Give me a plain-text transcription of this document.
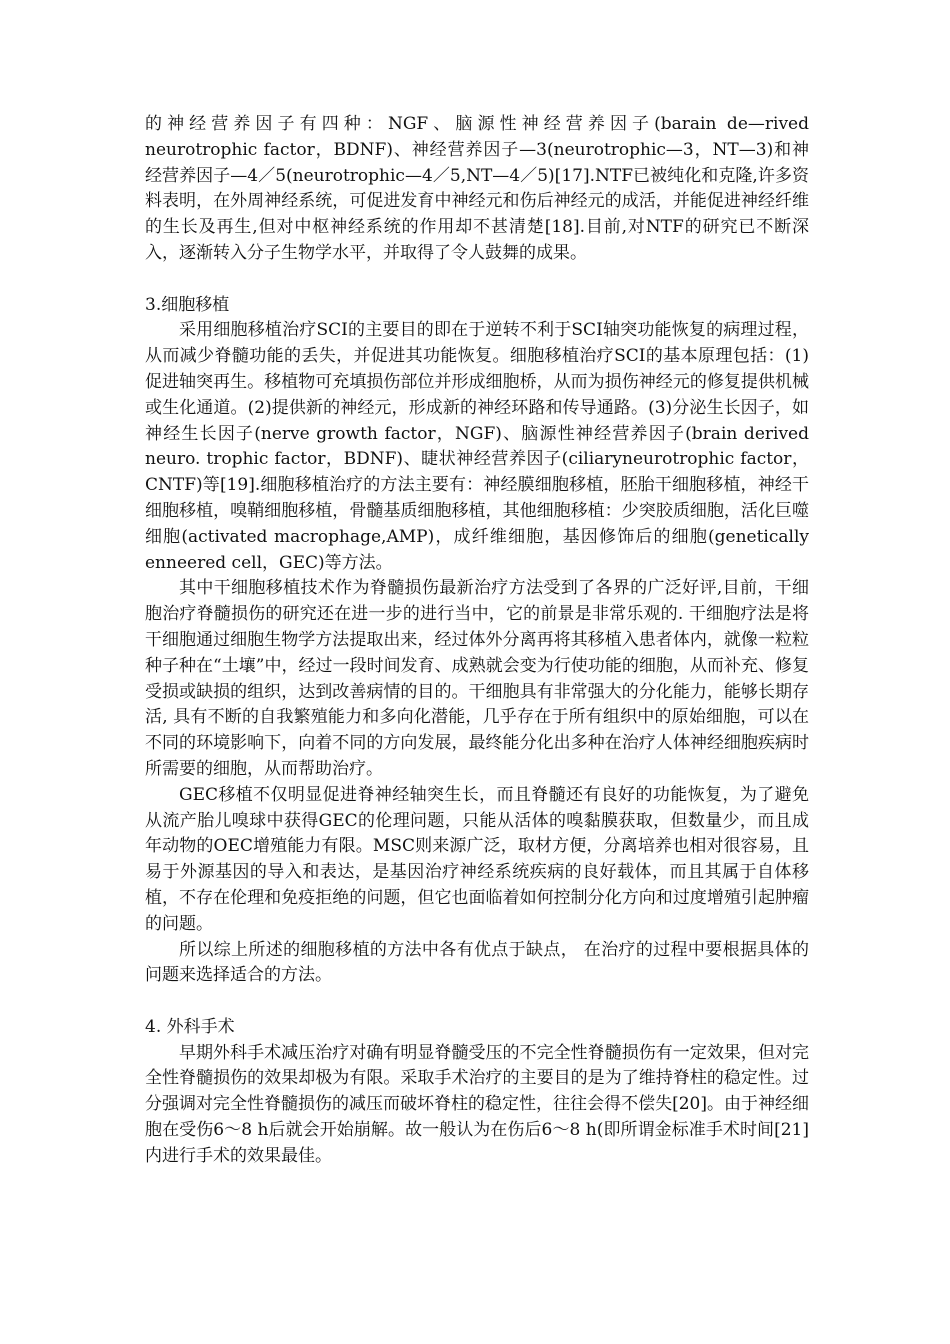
的神经营养因子有四种：NGF、脑源性神经营养因子(barain de—rived neurotrophic factor，BDNF)、神经营养因子—3(neurotrophic—3，NT—3)和神经营养因子—4／5(neurotrophic—4／5,NT—4／5)[17].NTF已被纯化和克隆,许多资料表明，在外周神经系统，可促进发育中神经元和伤后神经元的成活，并能促进神经纤维的生长及再生,但对中枢神经系统的作用却不甚清楚[18].目前,对NTF的研究已不断深入，逐渐转入分子生物学水平，并取得了令人鼓舞的成果。

3.细胞移植

采用细胞移植治疗SCI的主要目的即在于逆转不利于SCI轴突功能恢复的病理过程，从而减少脊髓功能的丢失，并促进其功能恢复。细胞移植治疗SCI的基本原理包括：(1)促进轴突再生。移植物可充填损伤部位并形成细胞桥，从而为损伤神经元的修复提供机械或生化通道。(2)提供新的神经元，形成新的神经环路和传导通路。(3)分泌生长因子，如神经生长因子(nerve growth factor，NGF)、脑源性神经营养因子(brain derived neuro. trophic factor，BDNF)、睫状神经营养因子(ciliaryneurotrophic factor，CNTF)等[19].细胞移植治疗的方法主要有：神经膜细胞移植，胚胎干细胞移植，神经干细胞移植，嗅鞘细胞移植，骨髓基质细胞移植，其他细胞移植：少突胶质细胞，活化巨噬细胞(activated macrophage,AMP)，成纤维细胞，基因修饰后的细胞(genetically enneered cell，GEC)等方法。

其中干细胞移植技术作为脊髓损伤最新治疗方法受到了各界的广泛好评,目前，干细胞治疗脊髓损伤的研究还在进一步的进行当中，它的前景是非常乐观的. 干细胞疗法是将干细胞通过细胞生物学方法提取出来，经过体外分离再将其移植入患者体内，就像一粒粒种子种在“土壤”中，经过一段时间发育、成熟就会变为行使功能的细胞，从而补充、修复受损或缺损的组织，达到改善病情的目的。干细胞具有非常强大的分化能力，能够长期存活, 具有不断的自我繁殖能力和多向化潜能，几乎存在于所有组织中的原始细胞，可以在不同的环境影响下，向着不同的方向发展，最终能分化出多种在治疗人体神经细胞疾病时所需要的细胞，从而帮助治疗。

GEC移植不仅明显促进脊神经轴突生长，而且脊髓还有良好的功能恢复，为了避免从流产胎儿嗅球中获得GEC的伦理问题，只能从活体的嗅黏膜获取，但数量少，而且成年动物的OEC增殖能力有限。MSC则来源广泛，取材方便，分离培养也相对很容易，且易于外源基因的导入和表达，是基因治疗神经系统疾病的良好载体，而且其属于自体移植，不存在伦理和免疫拒绝的问题，但它也面临着如何控制分化方向和过度增殖引起肿瘤的问题。

所以综上所述的细胞移植的方法中各有优点于缺点， 在治疗的过程中要根据具体的问题来选择适合的方法。

4. 外科手术

早期外科手术减压治疗对确有明显脊髓受压的不完全性脊髓损伤有一定效果，但对完全性脊髓损伤的效果却极为有限。采取手术治疗的主要目的是为了维持脊柱的稳定性。过分强调对完全性脊髓损伤的减压而破坏脊柱的稳定性，往往会得不偿失[20]。由于神经细胞在受伤6～8 h后就会开始崩解。故一般认为在伤后6～8 h(即所谓金标准手术时间[21]内进行手术的效果最佳。
